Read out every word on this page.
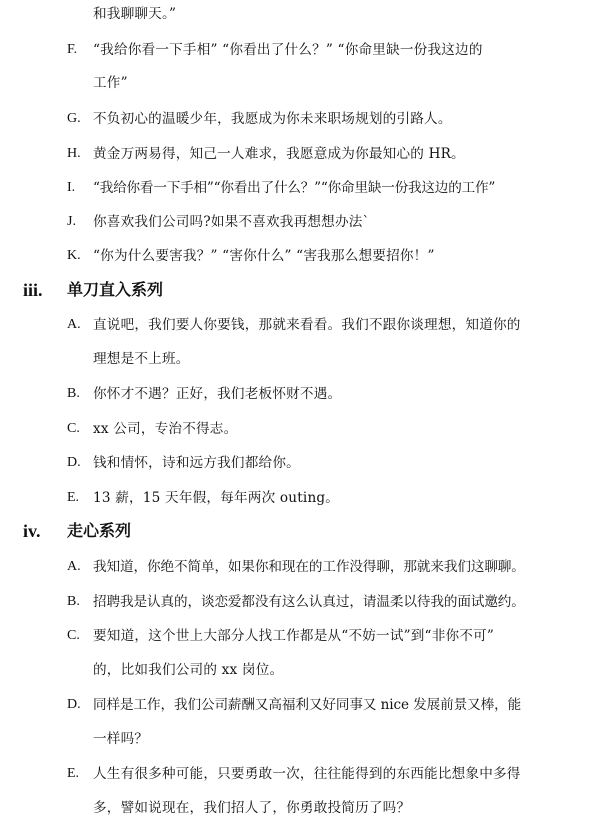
和我聊聊天。”
F.	“我给你看一下手相” “你看出了什么？” “你命里缺一份我这边的
工作”
G. 不负初心的温暖少年，我愿成为你未来职场规划的引路人。
H. 黄金万两易得，知己一人难求，我愿意成为你最知心的 HR。
I.	“我给你看一下手相”“你看出了什么？”“你命里缺一份我这边的工作”
J.	你喜欢我们公司吗?如果不喜欢我再想想办法`
K. “你为什么要害我？” “害你什么” “害我那么想要招你！”
iii. 单刀直入系列
A. 直说吧，我们要人你要钱，那就来看看。我们不跟你谈理想，知道你的
理想是不上班。
B. 你怀才不遇？正好，我们老板怀财不遇。
C. xx 公司，专治不得志。
D. 钱和情怀，诗和远方我们都给你。
E.	13 薪，15 天年假，每年两次 outing。
iv. 走心系列
A. 我知道，你绝不简单，如果你和现在的工作没得聊，那就来我们这聊聊。
B. 招聘我是认真的，谈恋爱都没有这么认真过，请温柔以待我的面试邀约。
C. 要知道，这个世上大部分人找工作都是从“不妨一试”到“非你不可”
的，比如我们公司的 xx 岗位。
D. 同样是工作，我们公司薪酬又高福利又好同事又 nice 发展前景又棒，能
一样吗？
E.	人生有很多种可能，只要勇敢一次，往往能得到的东西能比想象中多得
多，譬如说现在，我们招人了，你勇敢投简历了吗？
